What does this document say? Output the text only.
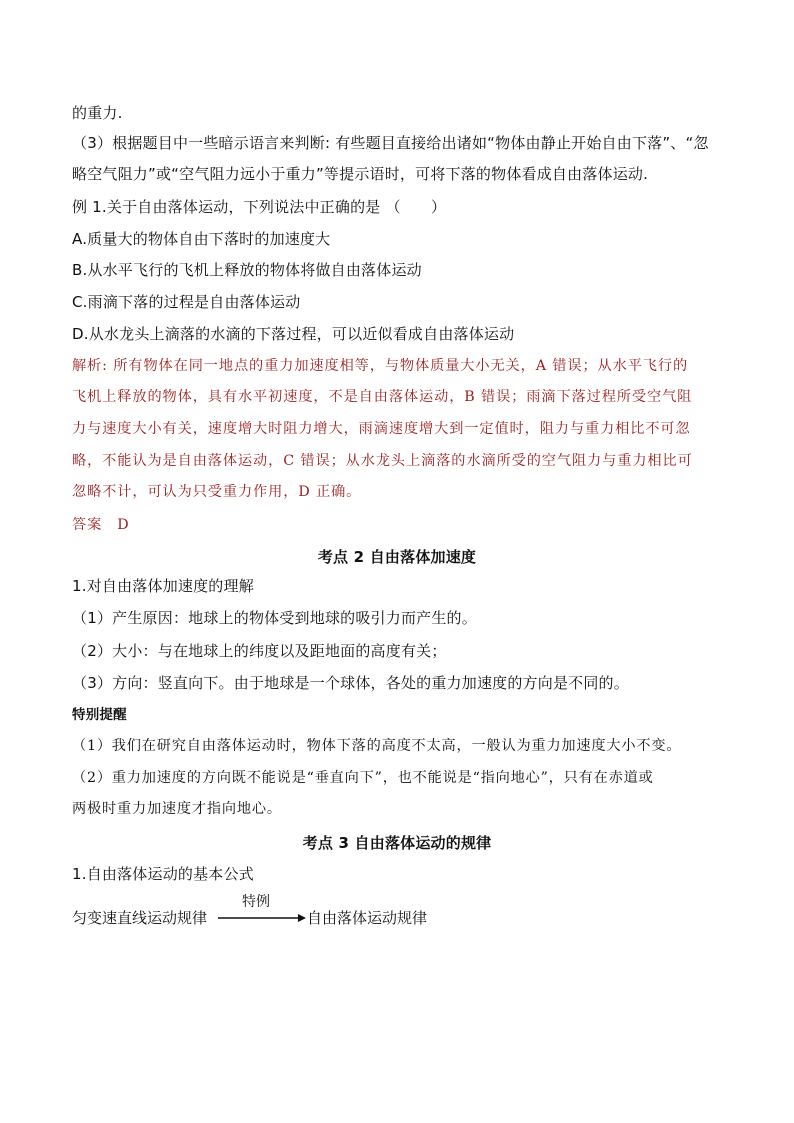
的重力.
（3）根据题目中一些暗示语言来判断: 有些题目直接给出诸如“物体由静止开始自由下落”、“忽
略空气阻力”或“空气阻力远小于重力”等提示语时，可将下落的物体看成自由落体运动.
例 1.关于自由落体运动，下列说法中正确的是 （　　）
A.质量大的物体自由下落时的加速度大
B.从水平飞行的飞机上释放的物体将做自由落体运动
C.雨滴下落的过程是自由落体运动
D.从水龙头上滴落的水滴的下落过程，可以近似看成自由落体运动
解析: 所有物体在同一地点的重力加速度相等，与物体质量大小无关，A 错误；从水平飞行的
飞机上释放的物体，具有水平初速度，不是自由落体运动，B 错误；雨滴下落过程所受空气阻
力与速度大小有关，速度增大时阻力增大，雨滴速度增大到一定值时，阻力与重力相比不可忽
略，不能认为是自由落体运动，C 错误；从水龙头上滴落的水滴所受的空气阻力与重力相比可
忽略不计，可认为只受重力作用，D 正确。
答案　D
考点 2 自由落体加速度
1.对自由落体加速度的理解
（1）产生原因：地球上的物体受到地球的吸引力而产生的。
（2）大小：与在地球上的纬度以及距地面的高度有关；
（3）方向：竖直向下。由于地球是一个球体，各处的重力加速度的方向是不同的。
特别提醒
（1）我们在研究自由落体运动时，物体下落的高度不太高，一般认为重力加速度大小不变。
（2）重力加速度的方向既不能说是“垂直向下”，也不能说是“指向地心”，只有在赤道或
两极时重力加速度才指向地心。
考点 3 自由落体运动的规律
1.自由落体运动的基本公式
匀变速直线运动规律
特例
自由落体运动规律
